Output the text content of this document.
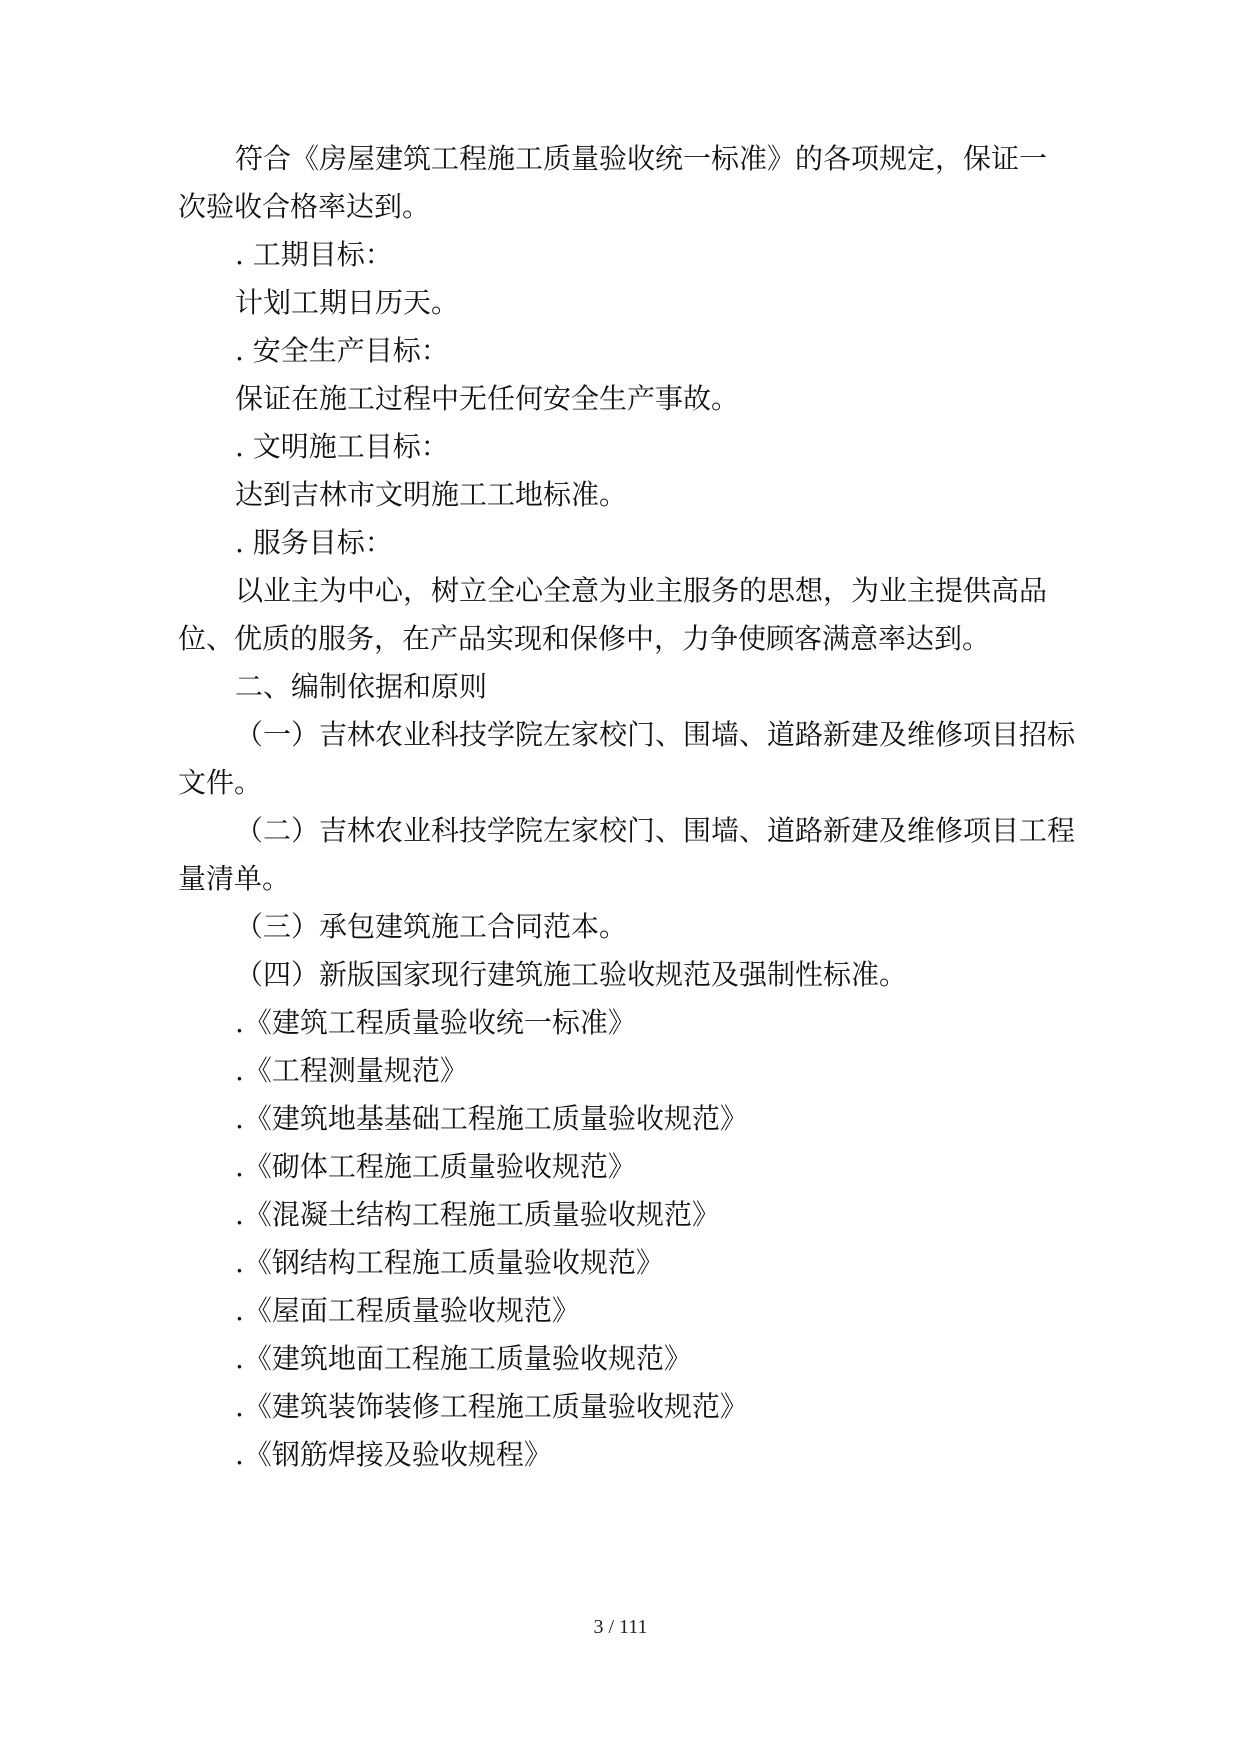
符合《房屋建筑工程施工质量验收统一标准》的各项规定，保证一
次验收合格率达到。
. 工期目标：
计划工期日历天。
. 安全生产目标：
保证在施工过程中无任何安全生产事故。
. 文明施工目标：
达到吉林市文明施工工地标准。
. 服务目标：
以业主为中心，树立全心全意为业主服务的思想，为业主提供高品
位、优质的服务，在产品实现和保修中，力争使顾客满意率达到。
二、编制依据和原则
（一）吉林农业科技学院左家校门、围墙、道路新建及维修项目招标
文件。
（二）吉林农业科技学院左家校门、围墙、道路新建及维修项目工程
量清单。
（三）承包建筑施工合同范本。
（四）新版国家现行建筑施工验收规范及强制性标准。
.《建筑工程质量验收统一标准》
.《工程测量规范》
.《建筑地基基础工程施工质量验收规范》
.《砌体工程施工质量验收规范》
.《混凝土结构工程施工质量验收规范》
.《钢结构工程施工质量验收规范》
.《屋面工程质量验收规范》
.《建筑地面工程施工质量验收规范》
.《建筑装饰装修工程施工质量验收规范》
.《钢筋焊接及验收规程》
3 / 111
